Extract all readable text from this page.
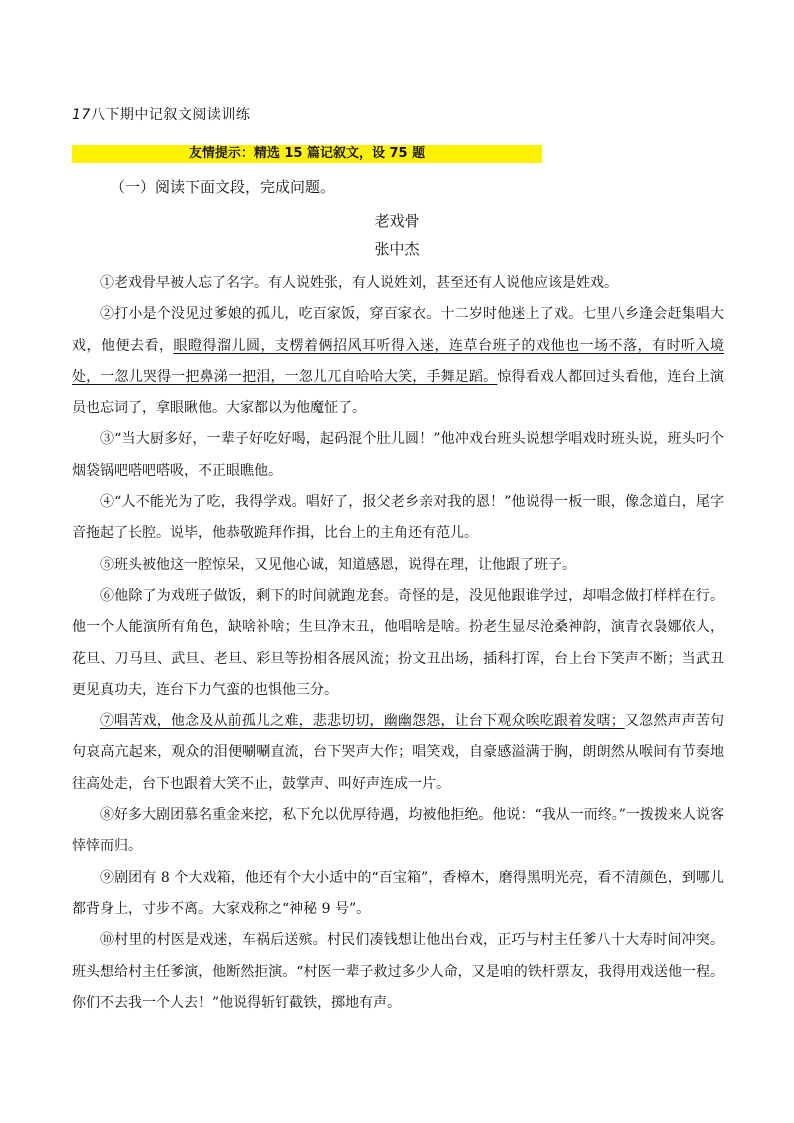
17八下期中记叙文阅读训练
友情提示：精选 15 篇记叙文，设 75 题
（一）阅读下面文段，完成问题。
老戏骨
张中杰

①老戏骨早被人忘了名字。有人说姓张，有人说姓刘，甚至还有人说他应该是姓戏。

②打小是个没见过爹娘的孤儿，吃百家饭，穿百家衣。十二岁时他迷上了戏。七里八乡逢会赶集唱大戏，他便去看，眼瞪得溜儿圆，支楞着俩招风耳听得入迷，连草台班子的戏他也一场不落，有时听入境处，一忽儿哭得一把鼻涕一把泪，一忽儿兀自哈哈大笑，手舞足蹈。惊得看戏人都回过头看他，连台上演员也忘词了，拿眼瞅他。大家都以为他魔怔了。

③“当大厨多好，一辈子好吃好喝，起码混个肚儿圆！”他冲戏台班头说想学唱戏时班头说，班头叼个烟袋锅吧嗒吧嗒吸，不正眼瞧他。

④“人不能光为了吃，我得学戏。唱好了，报父老乡亲对我的恩！”他说得一板一眼，像念道白，尾字音拖起了长腔。说毕，他恭敬跪拜作揖，比台上的主角还有范儿。

⑤班头被他这一腔惊呆，又见他心诚，知道感恩，说得在理，让他跟了班子。

⑥他除了为戏班子做饭，剩下的时间就跑龙套。奇怪的是，没见他跟谁学过，却唱念做打样样在行。他一个人能演所有角色，缺啥补啥；生旦净末丑，他唱啥是啥。扮老生显尽沧桑神韵，演青衣袅娜依人，花旦、刀马旦、武旦、老旦、彩旦等扮相各展风流；扮文丑出场，插科打诨，台上台下笑声不断；当武丑更见真功夫，连台下力气蛮的也惧他三分。

⑦唱苦戏，他念及从前孤儿之难，悲悲切切，幽幽怨怨，让台下观众唉吃跟着发嗐；又忽然声声苦句句哀高亢起来，观众的泪便唰唰直流，台下哭声大作；唱笑戏，自豪感溢满于胸，朗朗然从喉间有节奏地往高处走，台下也跟着大笑不止，鼓掌声、叫好声连成一片。

⑧好多大剧团慕名重金来挖，私下允以优厚待遇，均被他拒绝。他说：“我从一而终。”一拨拨来人说客悻悻而归。

⑨剧团有 8 个大戏箱，他还有个大小适中的“百宝箱”，香樟木，磨得黑明光亮，看不清颜色，到哪儿都背身上，寸步不离。大家戏称之“神秘 9 号”。

⑩村里的村医是戏迷，车祸后送殡。村民们凑钱想让他出台戏，正巧与村主任爹八十大寿时间冲突。班头想给村主任爹演，他断然拒演。“村医一辈子救过多少人命，又是咱的铁杆票友，我得用戏送他一程。你们不去我一个人去！”他说得斩钉截铁，掷地有声。
